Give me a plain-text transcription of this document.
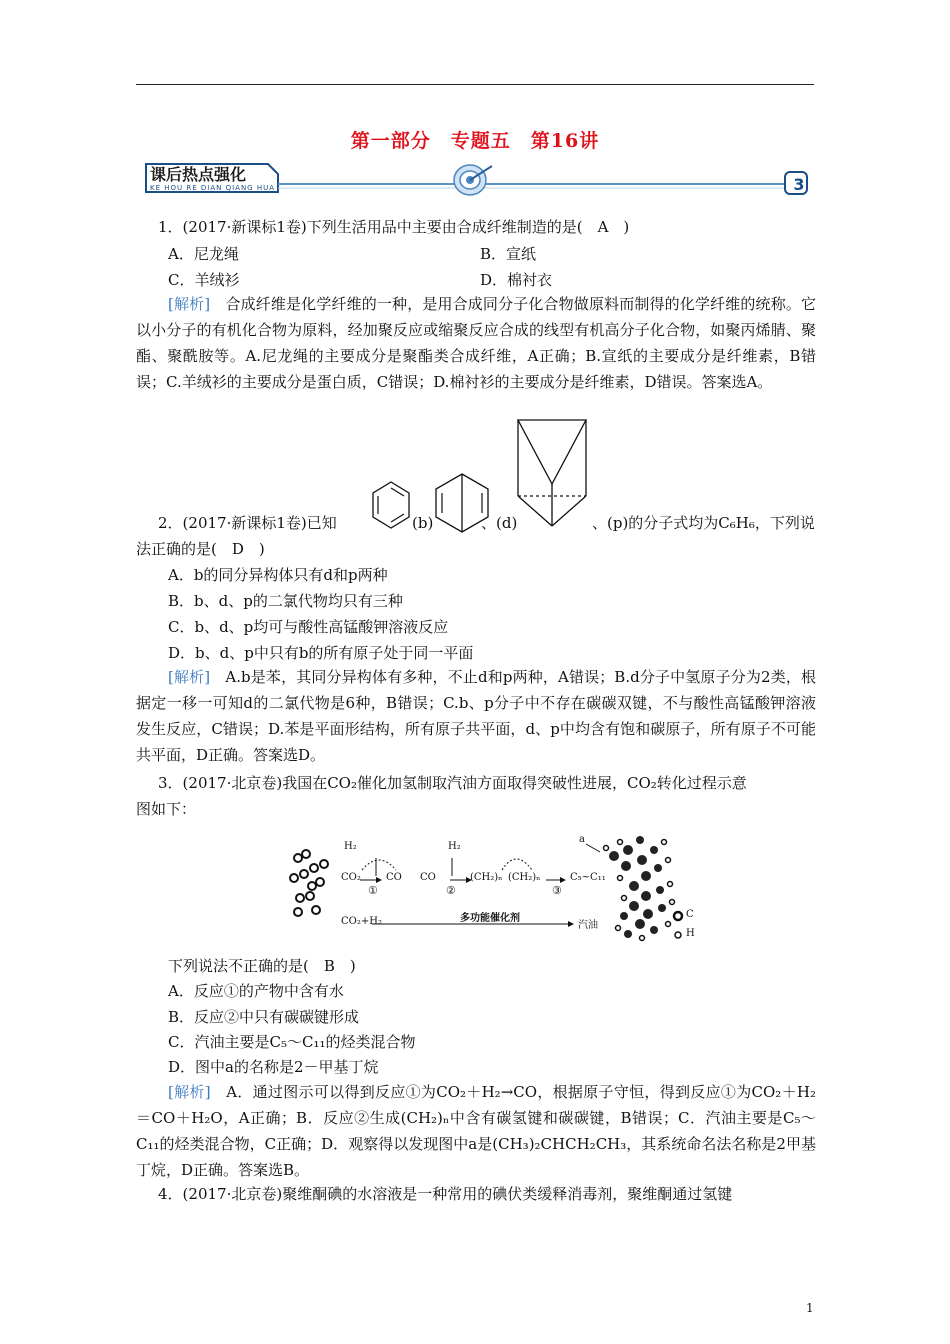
第一部分　专题五　第16讲
课后热点强化
KE HOU RE DIAN QIANG HUA	3
1．(2017·新课标1卷)下列生活用品中主要由合成纤维制造的是(　A　)
A．尼龙绳	B．宣纸
C．羊绒衫	D．棉衬衣
[解析]　合成纤维是化学纤维的一种，是用合成同分子化合物做原料而制得的化学纤维的统称。它以小分子的有机化合物为原料，经加聚反应或缩聚反应合成的线型有机高分子化合物，如聚丙烯腈、聚酯、聚酰胺等。A.尼龙绳的主要成分是聚酯类合成纤维，A正确；B.宣纸的主要成分是纤维素，B错误；C.羊绒衫的主要成分是蛋白质，C错误；D.棉衬衫的主要成分是纤维素，D错误。答案选A。
2．(2017·新课标1卷)已知	(b)	、(d)	、(p)的分子式均为C₆H₆，下列说
法正确的是(　D　)
A．b的同分异构体只有d和p两种
B．b、d、p的二氯代物均只有三种
C．b、d、p均可与酸性高锰酸钾溶液反应
D．b、d、p中只有b的所有原子处于同一平面
[解析]　A.b是苯，其同分异构体有多种，不止d和p两种，A错误；B.d分子中氢原子分为2类，根据定一移一可知d的二氯代物是6种，B错误；C.b、p分子中不存在碳碳双键，不与酸性高锰酸钾溶液发生反应，C错误；D.苯是平面形结构，所有原子共平面，d、p中均含有饱和碳原子，所有原子不可能共平面，D正确。答案选D。
3．(2017·北京卷)我国在CO₂催化加氢制取汽油方面取得突破性进展，CO₂转化过程示意
图如下：
H₂	H₂
CO₂	CO CO	(CH₂)ₙ (CH₂)ₙ	C₅~C₁₁
①	②	③
CO₂+H₂	多功能催化剂
汽油
a
C
H
下列说法不正确的是(　B　)
A．反应①的产物中含有水
B．反应②中只有碳碳键形成
C．汽油主要是C₅～C₁₁的烃类混合物
D．图中a的名称是2－甲基丁烷
[解析]　A．通过图示可以得到反应①为CO₂＋H₂→CO，根据原子守恒，得到反应①为CO₂＋H₂＝CO＋H₂O，A正确；B．反应②生成(CH₂)ₙ中含有碳氢键和碳碳键，B错误；C．汽油主要是C₅～C₁₁的烃类混合物，C正确；D．观察得以发现图中a是(CH₃)₂CHCH₂CH₃，其系统命名法名称是2甲基丁烷，D正确。答案选B。
4．(2017·北京卷)聚维酮碘的水溶液是一种常用的碘伏类缓释消毒剂，聚维酮通过氢键
1
